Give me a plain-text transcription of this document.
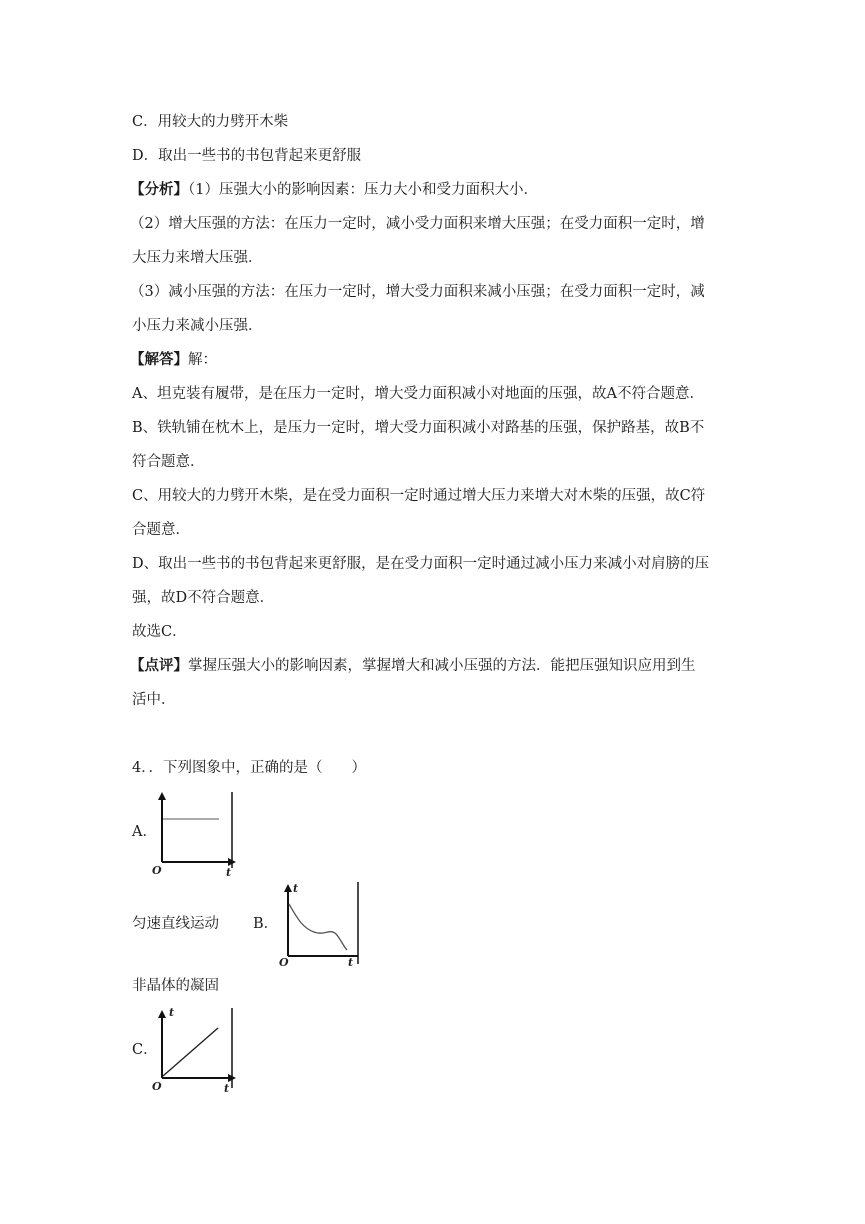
C．用较大的力劈开木柴
D．取出一些书的书包背起来更舒服
【分析】（1）压强大小的影响因素：压力大小和受力面积大小．
（2）增大压强的方法：在压力一定时，减小受力面积来增大压强；在受力面积一定时，增
大压力来增大压强．
（3）减小压强的方法：在压力一定时，增大受力面积来减小压强；在受力面积一定时，减
小压力来减小压强．
【解答】解：
A、坦克装有履带，是在压力一定时，增大受力面积减小对地面的压强，故A不符合题意．
B、铁轨铺在枕木上，是压力一定时，增大受力面积减小对路基的压强，保护路基，故B不
符合题意．
C、用较大的力劈开木柴，是在受力面积一定时通过增大压力来增大对木柴的压强，故C符
合题意．
D、取出一些书的书包背起来更舒服，是在受力面积一定时通过减小压力来减小对肩膀的压
强，故D不符合题意．
故选C．
【点评】掌握压强大小的影响因素，掌握增大和减小压强的方法．能把压强知识应用到生
活中．
4．．下列图象中，正确的是（　　）
A．
O	t
匀速直线运动 B．
t
O	t
非晶体的凝固
C．
t
O	t
